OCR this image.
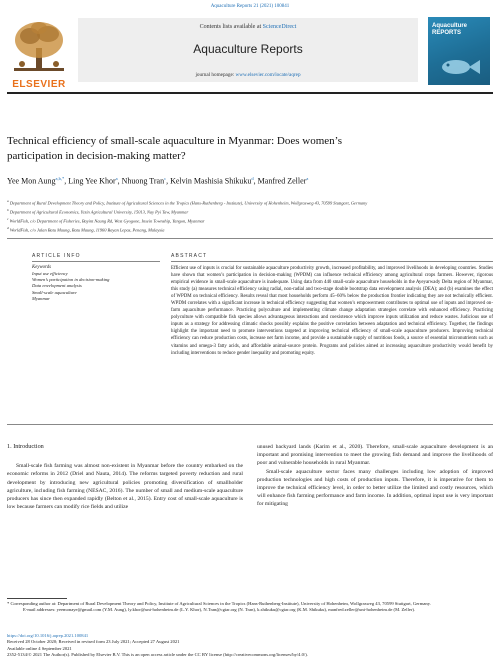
Aquaculture Reports 21 (2021) 100841
ELSEVIER
Contents lists available at ScienceDirect
Aquaculture Reports
journal homepage: www.elsevier.com/locate/aqrep
Aquaculture
REPORTS
Technical efficiency of small-scale aquaculture in Myanmar: Does women’s
participation in decision-making matter?
Yee Mon Aung$^{a,b,*}$, Ling Yee Khor$^a$, Nhuong Tran$^c$, Kelvin Mashisia Shikuku$^d$, Manfred Zeller$^a$
$^a$ Department of Rural Development Theory and Policy, Institute of Agricultural Sciences in the Tropics (Hans-Ruthenberg - Institute), University of Hohenheim, Wollgrasweg 43, 70599 Stuttgart, Germany
$^b$ Department of Agricultural Economics, Yezin Agricultural University, 15013, Nay Pyi Taw, Myanmar
$^c$ WorldFish, c/o Department of Fisheries, Bayint Naung Rd, West Gyogone, Insein Township, Yangon, Myanmar
$^d$ WorldFish, c/o Jalan Batu Maung, Batu Maung, 11960 Bayan Lepas, Penang, Malaysia
ARTICLE INFO	ABSTRACT
Keywords
Input use efficiency
Women’s participation in decision-making
Data envelopment analysis
Small-scale aquaculture
Myanmar
Efficient use of inputs is crucial for sustainable aquaculture productivity growth, increased profitability, and improved livelihoods in developing countries. Studies have shown that women’s participation in decision-making (WPDM) can influence technical efficiency among agricultural crops farmers. However, rigorous empirical evidence in small-scale aquaculture is inadequate. Using data from 440 small-scale aquaculture households in the Ayeyarwady Delta region of Myanmar, this study (a) measures technical efficiency using radial, non-radial and two-stage double bootstrap data envelopment analysis (DEA); and (b) examines the effect of WPDM on technical efficiency. Results reveal that most households perform 45–60% below the production frontier indicating they are not technically efficient. WPDM correlates with a significant increase in technical efficiency suggesting that women’s empowerment contributes to optimal use of inputs and improved on-farm aquaculture performance. Practicing polyculture and implementing climate change adaptation strategies correlate with enhanced efficiency. Practicing polyculture with compatible fish species allows advantageous interactions and coexistence which improve inputs utilization and reduce wastes. Judicious use of inputs as a strategy for addressing climatic shocks possibly explains the positive correlation between adaptation and technical efficiency. Together, the findings highlight the important need to promote interventions targeted at improving technical efficiency of small-scale aquaculture producers. Improving technical efficiency can reduce production costs, increase net farm income, and provide a sustainable supply of nutritious foods, a source of essential micronutrients such as vitamins and omega-3 fatty acids, and affordable animal-source protein. Programs and policies aimed at increasing aquaculture productivity would benefit by including interventions to reduce gender inequality and promoting equity.
1. Introduction

Small-scale fish farming was almost non-existent in Myanmar before the country embarked on the economic reforms in 2012 (Driel and Nauta, 2014). The reforms targeted poverty reduction and rural development by introducing new agricultural policies promoting diversification of smallholder agriculture, including fish farming (NESAC, 2016). The number of small and medium-scale aquaculture producers has since then expanded rapidly (Belton et al., 2015). Entry cost of small-scale aquaculture is low because farmers can modify rice fields and utilize

unused backyard lands (Karim et al., 2020). Therefore, small-scale aquaculture development is an important and promising intervention to meet the growing fish demand and improve the livelihoods of poor and vulnerable households in rural Myanmar.

Small-scale aquaculture sector faces many challenges including low adoption of improved production technologies and high costs of production inputs. Therefore, it is imperative for them to improve the technical efficiency level, in order to better utilize the limited and costly resources, which will enhance fish farming performance and farm income. In addition, optimal input use is very important for mitigating

* Corresponding author at: Department of Rural Development Theory and Policy, Institute of Agricultural Sciences in the Tropics (Hans-Ruthenberg-Institute), University of Hohenheim, Wollgrasweg 43, 70599 Stuttgart, Germany.
E-mail addresses: yeemonaye@gmail.com (Y.M. Aung), ly.khor@uni-hohenheim.de (L.Y. Khor), N.Tran@cgiar.org (N. Tran), k.shikuku@cgiar.org (K.M. Shikuku), manfred.zeller@uni-hohenheim.de (M. Zeller).
https://doi.org/10.1016/j.aqrep.2021.100841
Received 28 October 2020; Received in revised form 23 July 2021; Accepted 27 August 2021
Available online 4 September 2021
2352-5134/© 2021 The Author(s). Published by Elsevier B.V. This is an open access article under the CC BY license (http://creativecommons.org/licenses/by/4.0/).
